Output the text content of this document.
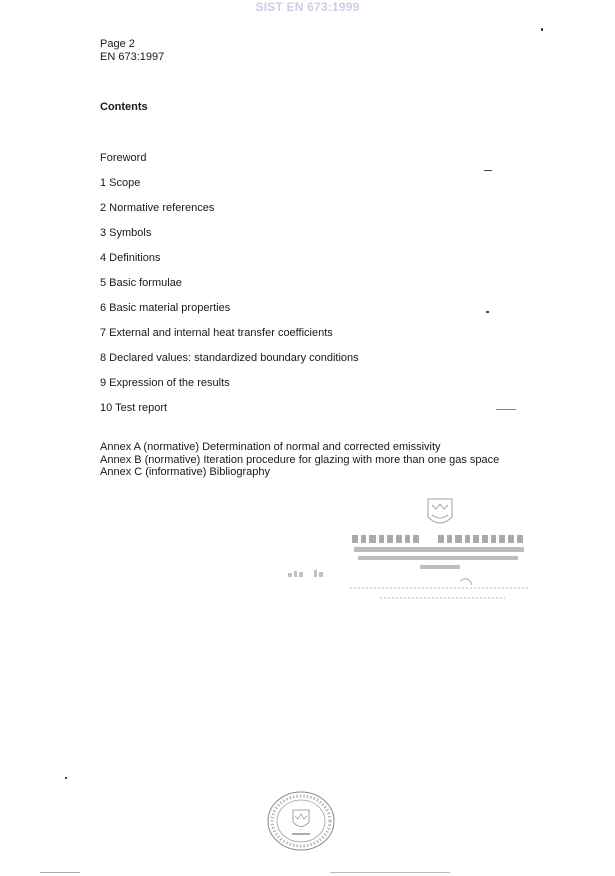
SIST EN 673:1999
Page 2
EN 673:1997
Contents
Foreword
1 Scope
2 Normative references
3 Symbols
4 Definitions
5 Basic formulae
6 Basic material properties
7 External and internal heat transfer coefficients
8 Declared values: standardized boundary conditions
9 Expression of the results
10 Test report
Annex A (normative) Determination of normal and corrected emissivity
Annex B (normative) Iteration procedure for glazing with more than one gas space
Annex C (informative) Bibliography
